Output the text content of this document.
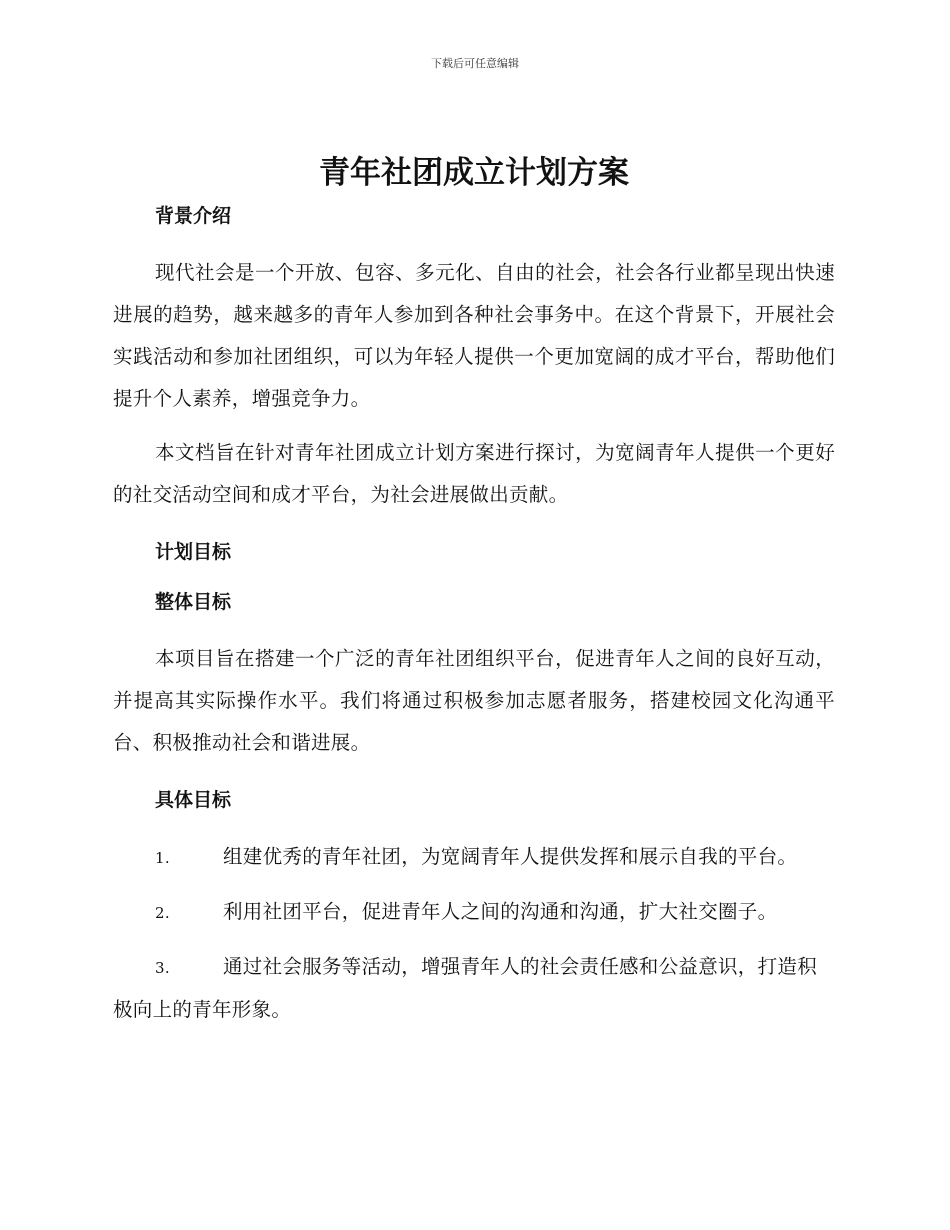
下载后可任意编辑
青年社团成立计划方案
背景介绍

现代社会是一个开放、包容、多元化、自由的社会，社会各行业都呈现出快速进展的趋势，越来越多的青年人参加到各种社会事务中。在这个背景下，开展社会实践活动和参加社团组织，可以为年轻人提供一个更加宽阔的成才平台，帮助他们提升个人素养，增强竞争力。

本文档旨在针对青年社团成立计划方案进行探讨，为宽阔青年人提供一个更好的社交活动空间和成才平台，为社会进展做出贡献。

计划目标
整体目标

本项目旨在搭建一个广泛的青年社团组织平台，促进青年人之间的良好互动，并提高其实际操作水平。我们将通过积极参加志愿者服务，搭建校园文化沟通平台、积极推动社会和谐进展。

具体目标

1.	组建优秀的青年社团，为宽阔青年人提供发挥和展示自我的平台。

2.	利用社团平台，促进青年人之间的沟通和沟通，扩大社交圈子。

3.	通过社会服务等活动，增强青年人的社会责任感和公益意识，打造积极向上的青年形象。
